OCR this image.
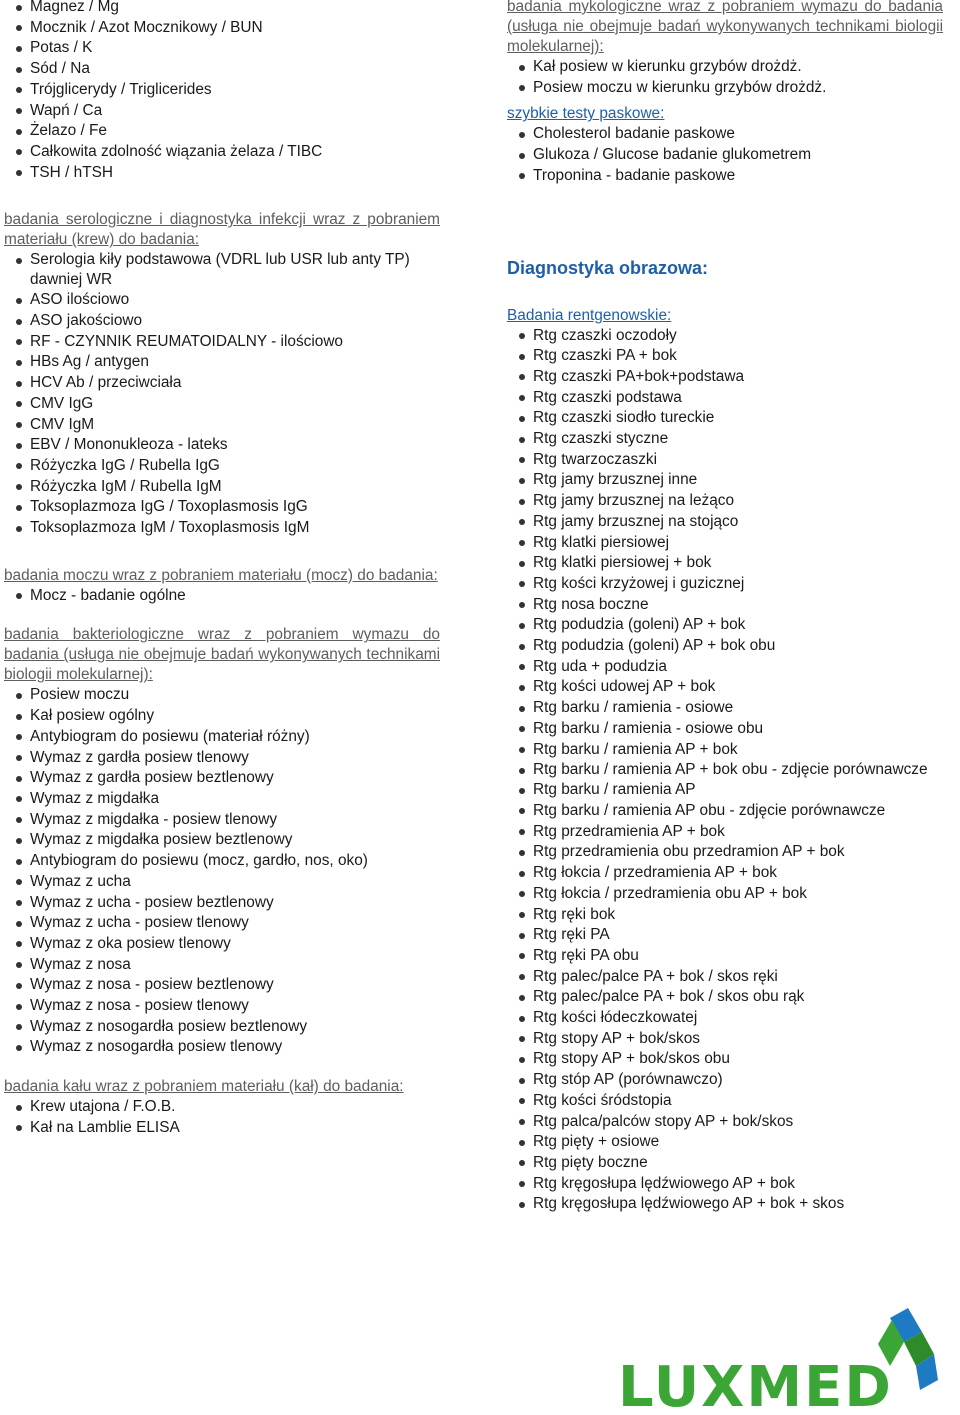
Magnez / Mg
Mocznik / Azot Mocznikowy / BUN
Potas / K
Sód / Na
Trójglicerydy / Triglicerides
Wapń / Ca
Żelazo / Fe
Całkowita zdolność wiązania żelaza / TIBC
TSH / hTSH
badania serologiczne i diagnostyka infekcji wraz z pobraniem materiału (krew) do badania:
Serologia kiły podstawowa (VDRL lub USR lub anty TP) dawniej WR
ASO ilościowo
ASO jakościowo
RF - CZYNNIK REUMATOIDALNY - ilościowo
HBs Ag / antygen
HCV Ab / przeciwciała
CMV IgG
CMV IgM
EBV / Mononukleoza - lateks
Różyczka IgG / Rubella IgG
Różyczka IgM / Rubella IgM
Toksoplazmoza IgG / Toxoplasmosis IgG
Toksoplazmoza IgM / Toxoplasmosis IgM
badania moczu wraz z pobraniem materiału (mocz) do badania:
Mocz - badanie ogólne
badania bakteriologiczne wraz z pobraniem wymazu do badania (usługa nie obejmuje badań wykonywanych technikami biologii molekularnej):
Posiew moczu
Kał posiew ogólny
Antybiogram do posiewu (materiał różny)
Wymaz z gardła posiew tlenowy
Wymaz z gardła posiew beztlenowy
Wymaz z migdałka
Wymaz z migdałka - posiew tlenowy
Wymaz z migdałka posiew beztlenowy
Antybiogram do posiewu (mocz, gardło, nos, oko)
Wymaz z ucha
Wymaz z ucha - posiew beztlenowy
Wymaz z ucha - posiew tlenowy
Wymaz z oka posiew tlenowy
Wymaz z nosa
Wymaz z nosa - posiew beztlenowy
Wymaz z nosa - posiew tlenowy
Wymaz z nosogardła posiew beztlenowy
Wymaz z nosogardła posiew tlenowy
badania kału wraz z pobraniem materiału (kał) do badania:
Krew utajona / F.O.B.
Kał na Lamblie ELISA
badania mykologiczne wraz z pobraniem wymazu do badania (usługa nie obejmuje badań wykonywanych technikami biologii molekularnej):
Kał posiew w kierunku grzybów drożdż.
Posiew moczu w kierunku grzybów drożdż.
szybkie testy paskowe:
Cholesterol badanie paskowe
Glukoza / Glucose badanie glukometrem
Troponina - badanie paskowe
Diagnostyka obrazowa:
Badania rentgenowskie:
Rtg czaszki oczodoły
Rtg czaszki PA + bok
Rtg czaszki PA+bok+podstawa
Rtg czaszki podstawa
Rtg czaszki siodło tureckie
Rtg czaszki styczne
Rtg twarzoczaszki
Rtg jamy brzusznej inne
Rtg jamy brzusznej na leżąco
Rtg jamy brzusznej na stojąco
Rtg klatki piersiowej
Rtg klatki piersiowej + bok
Rtg kości krzyżowej i guzicznej
Rtg nosa boczne
Rtg podudzia (goleni) AP + bok
Rtg podudzia (goleni) AP + bok obu
Rtg uda + podudzia
Rtg kości udowej AP + bok
Rtg barku / ramienia - osiowe
Rtg barku / ramienia - osiowe obu
Rtg barku / ramienia AP + bok
Rtg barku / ramienia AP + bok obu - zdjęcie porównawcze
Rtg barku / ramienia AP
Rtg barku / ramienia AP obu - zdjęcie porównawcze
Rtg przedramienia AP + bok
Rtg przedramienia obu przedramion AP + bok
Rtg łokcia / przedramienia AP + bok
Rtg łokcia / przedramienia obu AP + bok
Rtg ręki bok
Rtg ręki PA
Rtg ręki PA obu
Rtg palec/palce PA + bok / skos ręki
Rtg palec/palce PA + bok / skos obu rąk
Rtg kości łódeczkowatej
Rtg stopy AP + bok/skos
Rtg stopy AP + bok/skos obu
Rtg stóp AP (porównawczo)
Rtg kości śródstopia
Rtg palca/palców stopy AP + bok/skos
Rtg pięty + osiowe
Rtg pięty boczne
Rtg kręgosłupa lędźwiowego AP + bok
Rtg kręgosłupa lędźwiowego AP + bok + skos
LUXMED
